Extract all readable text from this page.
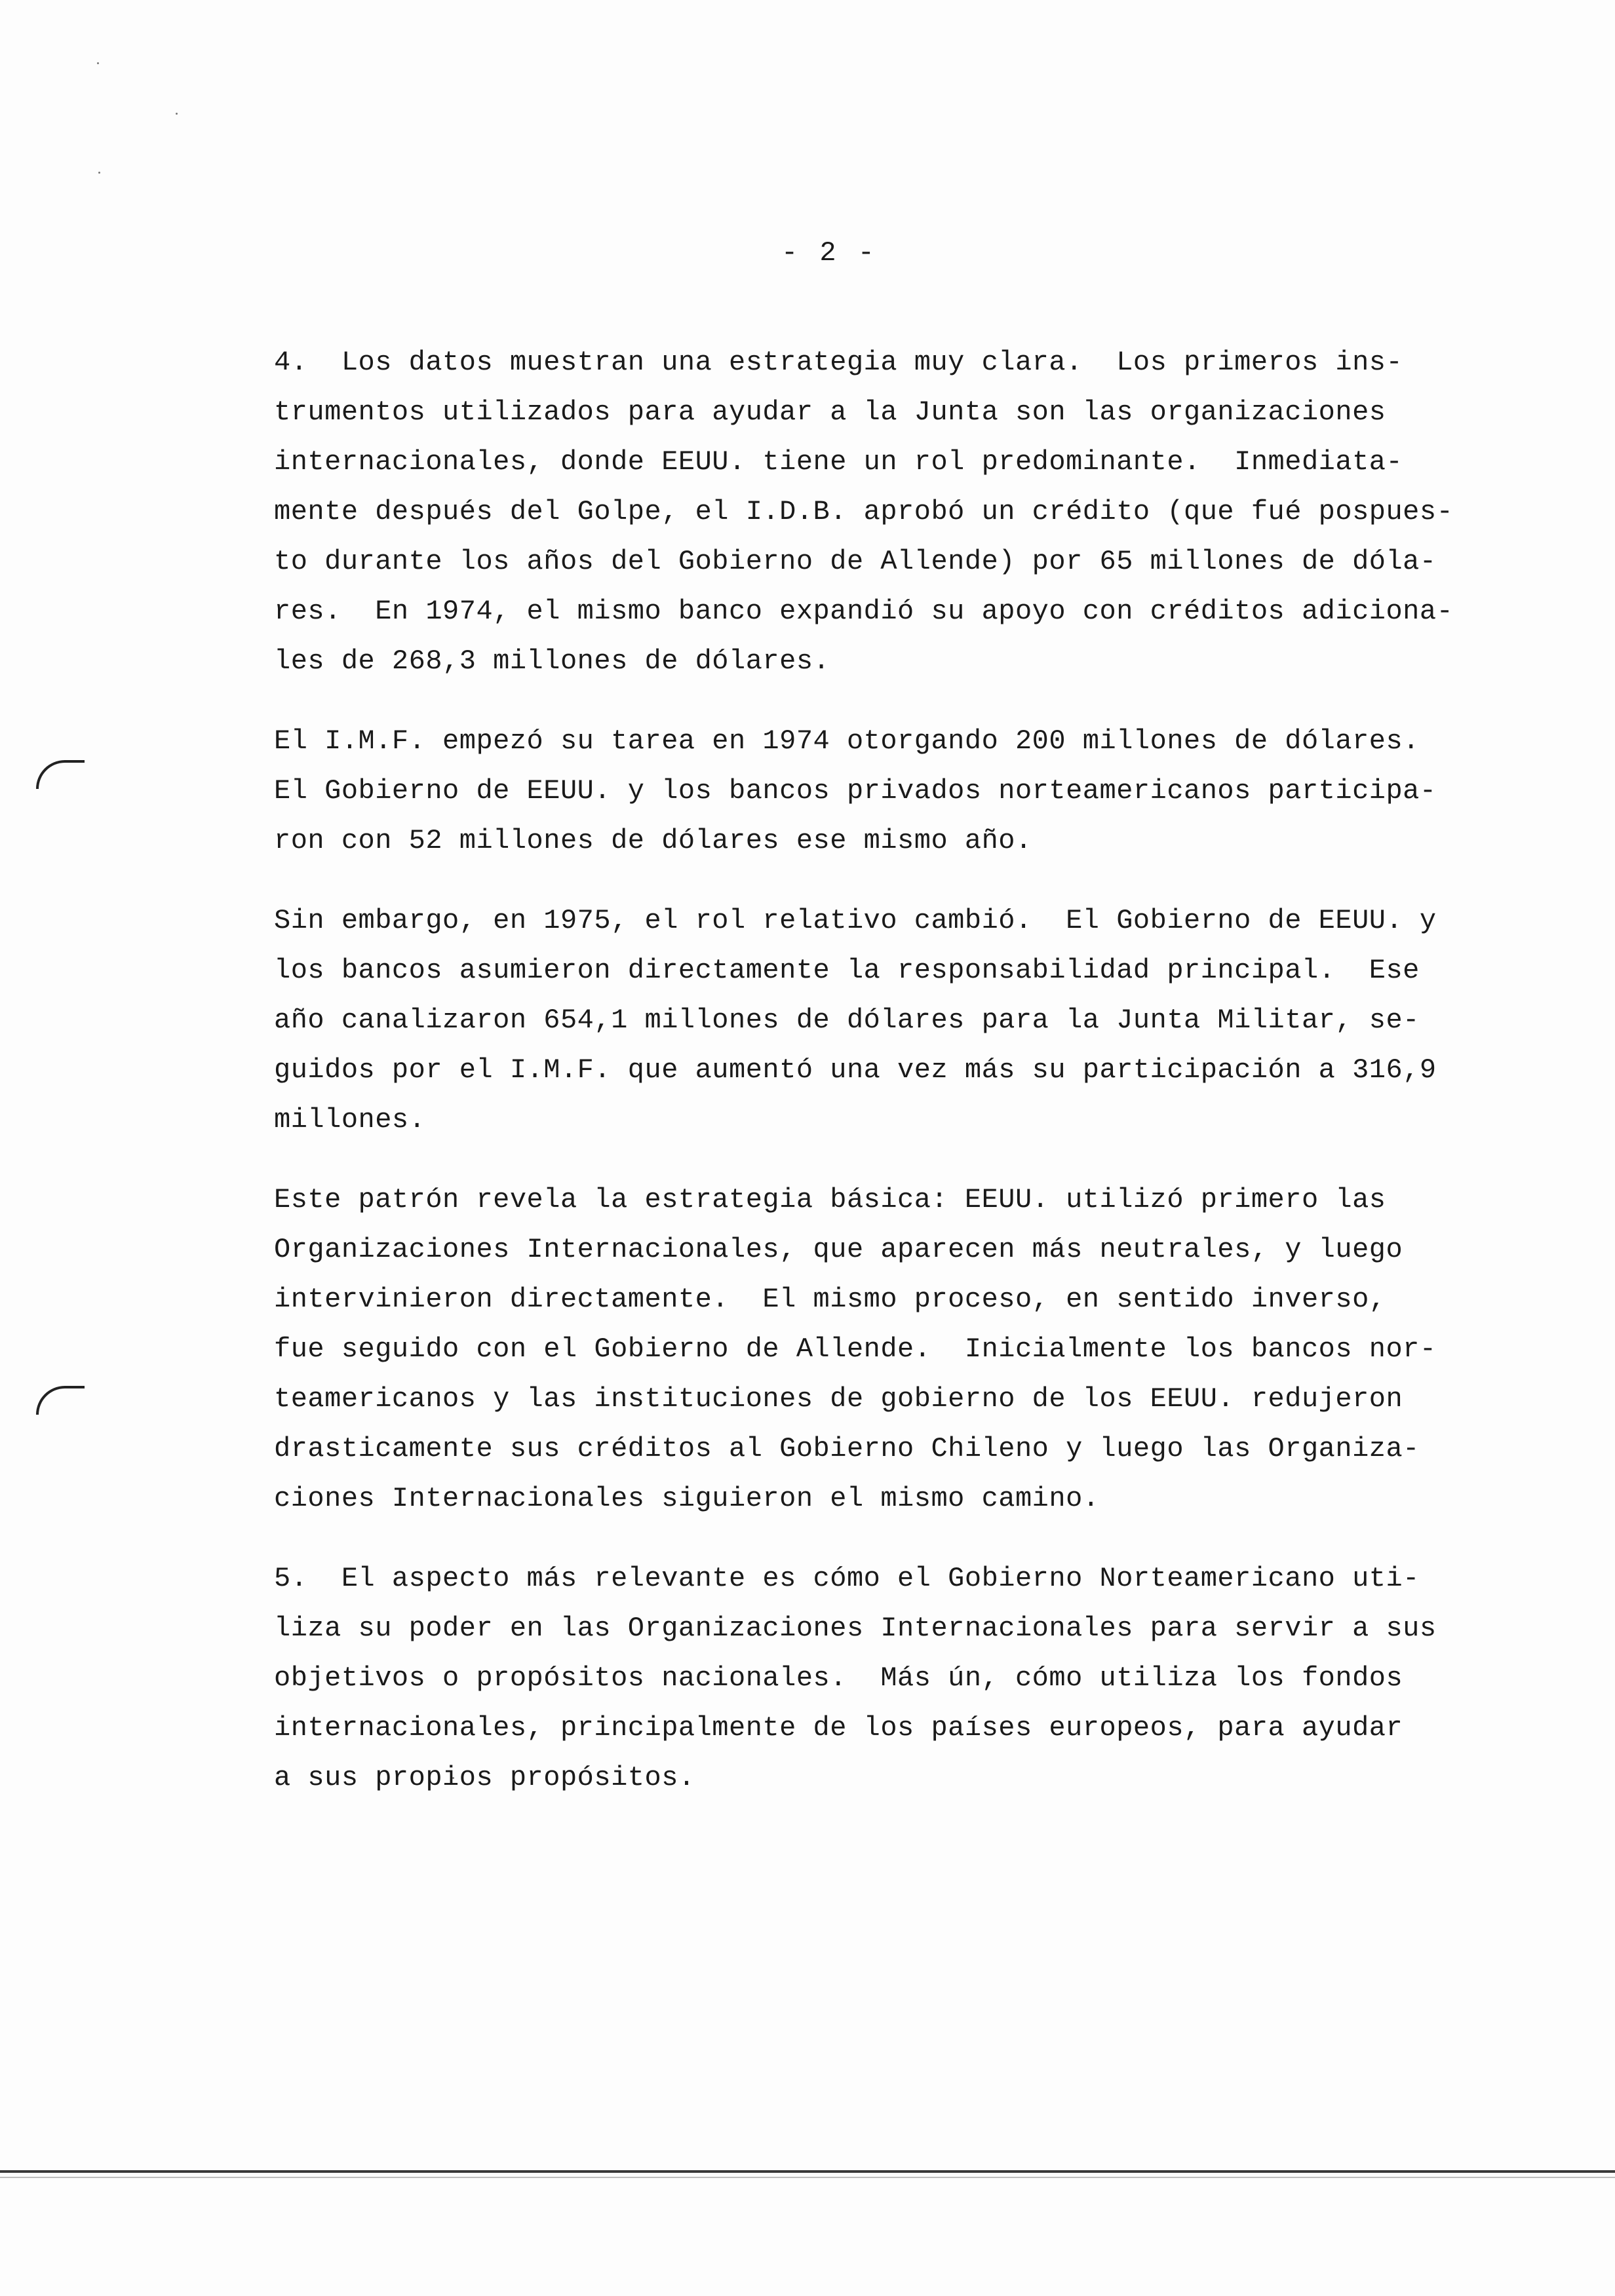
- 2 -
4.  Los datos muestran una estrategia muy clara.  Los primeros ins-
trumentos utilizados para ayudar a la Junta son las organizaciones
internacionales, donde EEUU. tiene un rol predominante.  Inmediata-
mente después del Golpe, el I.D.B. aprobó un crédito (que fué pospues-
to durante los años del Gobierno de Allende) por 65 millones de dóla-
res.  En 1974, el mismo banco expandió su apoyo con créditos adiciona-
les de 268,3 millones de dólares.
El I.M.F. empezó su tarea en 1974 otorgando 200 millones de dólares.
El Gobierno de EEUU. y los bancos privados norteamericanos participa-
ron con 52 millones de dólares ese mismo año.
Sin embargo, en 1975, el rol relativo cambió.  El Gobierno de EEUU. y
los bancos asumieron directamente la responsabilidad principal.  Ese
año canalizaron 654,1 millones de dólares para la Junta Militar, se-
guidos por el I.M.F. que aumentó una vez más su participación a 316,9
millones.
Este patrón revela la estrategia básica: EEUU. utilizó primero las
Organizaciones Internacionales, que aparecen más neutrales, y luego
intervinieron directamente.  El mismo proceso, en sentido inverso,
fue seguido con el Gobierno de Allende.  Inicialmente los bancos nor-
teamericanos y las instituciones de gobierno de los EEUU. redujeron
drasticamente sus créditos al Gobierno Chileno y luego las Organiza-
ciones Internacionales siguieron el mismo camino.
5.  El aspecto más relevante es cómo el Gobierno Norteamericano uti-
liza su poder en las Organizaciones Internacionales para servir a sus
objetivos o propósitos nacionales.  Más ún, cómo utiliza los fondos
internacionales, principalmente de los países europeos, para ayudar
a sus propios propósitos.
